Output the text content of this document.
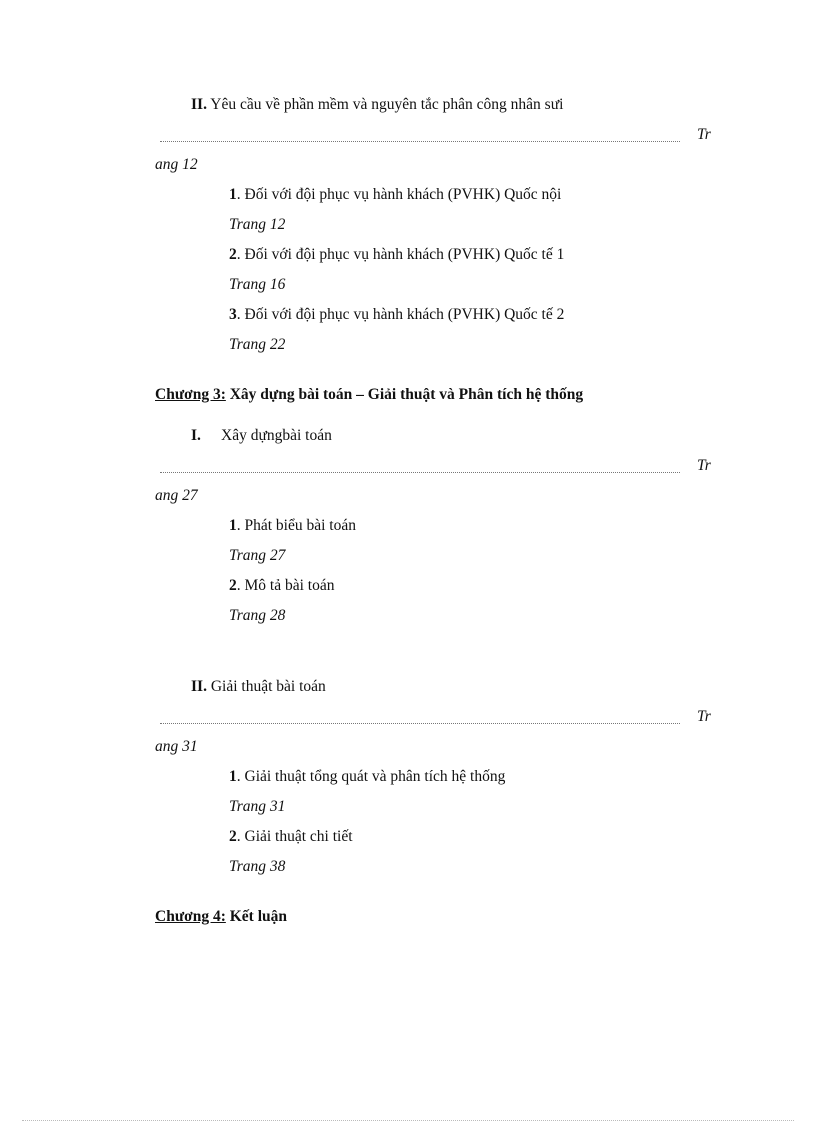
II. Yêu cầu về phần mềm và nguyên tắc phân công nhân sưi
Tr
ang 12
1. Đối với đội phục vụ hành khách (PVHK) Quốc nội
Trang 12
2. Đối với đội phục vụ hành khách (PVHK) Quốc tế 1
Trang 16
3. Đối với đội phục vụ hành khách (PVHK) Quốc tế 2
Trang 22
Chương 3: Xây dựng bài toán – Giải thuật và Phân tích hệ thống
I. Xây dựngbài toán
Tr
ang 27
1. Phát biểu bài toán
Trang 27
2. Mô tả bài toán
Trang 28
II. Giải thuật bài toán
Tr
ang 31
1. Giải thuật tổng quát và phân tích hệ thống
Trang 31
2. Giải thuật chi tiết
Trang 38
Chương 4: Kết luận
